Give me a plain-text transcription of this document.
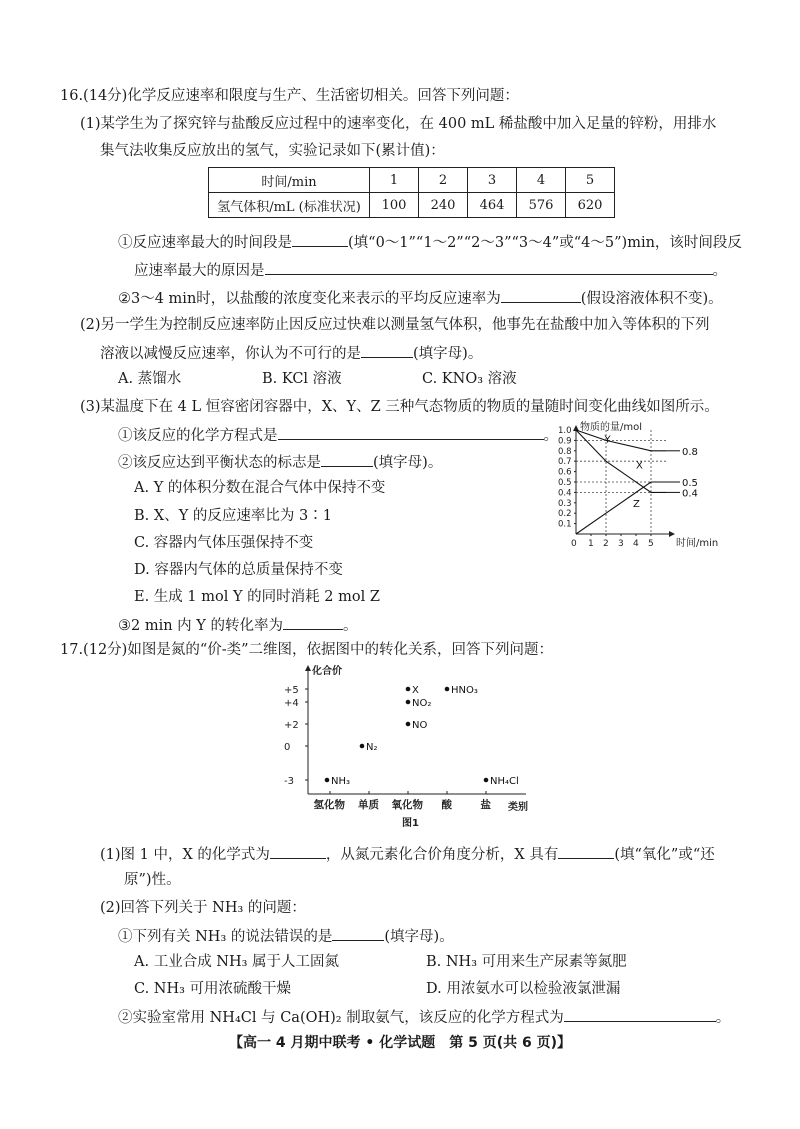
16.(14分)化学反应速率和限度与生产、生活密切相关。回答下列问题：
(1)某学生为了探究锌与盐酸反应过程中的速率变化，在 400 mL 稀盐酸中加入足量的锌粉，用排水
集气法收集反应放出的氢气，实验记录如下(累计值)：
时间/min	1	2	3	4	5
氢气体积/mL (标准状况)	100	240	464	576	620
①反应速率最大的时间段是	(填“0～1”“1～2”“2～3”“3～4”或“4～5”)min，该时间段反
应速率最大的原因是	。
②3～4 min时，以盐酸的浓度变化来表示的平均反应速率为	(假设溶液体积不变)。
(2)另一学生为控制反应速率防止因反应过快难以测量氢气体积，他事先在盐酸中加入等体积的下列
溶液以减慢反应速率，你认为不可行的是	(填字母)。
A. 蒸馏水	B. KCl 溶液	C. KNO₃ 溶液
(3)某温度下在 4 L 恒容密闭容器中，X、Y、Z 三种气态物质的物质的量随时间变化曲线如图所示。
①该反应的化学方程式是	。
②该反应达到平衡状态的标志是	(填字母)。
A. Y 的体积分数在混合气体中保持不变
B. X、Y 的反应速率比为 3∶1
C. 容器内气体压强保持不变
D. 容器内气体的总质量保持不变
E. 生成 1 mol Y 的同时消耗 2 mol Z
③2 min 内 Y 的转化率为	。
物质的量/mol
时间/min
0
0.1
0.2
0.3
0.4
0.5
0.6
0.7
0.8
0.9
1.0
1 2 3 4 5
Y
X
Z
0.8
0.5
0.4
17.(12分)如图是氮的“价-类”二维图，依据图中的转化关系，回答下列问题：
化合价
类别
图1
+5
+4
+2
0
-3
氢化物 单质 氧化物 酸	盐
NH₃
N₂
NO
NO₂
X	HNO₃
NH₄Cl
(1)图 1 中，X 的化学式为	，从氮元素化合价角度分析，X 具有	(填“氧化”或“还
原”)性。
(2)回答下列关于 NH₃ 的问题：
①下列有关 NH₃ 的说法错误的是	(填字母)。
A. 工业合成 NH₃ 属于人工固氮	B. NH₃ 可用来生产尿素等氮肥
C. NH₃ 可用浓硫酸干燥	D. 用浓氨水可以检验液氯泄漏
②实验室常用 NH₄Cl 与 Ca(OH)₂ 制取氨气，该反应的化学方程式为	。
【高一 4 月期中联考 • 化学试题　第 5 页(共 6 页)】
